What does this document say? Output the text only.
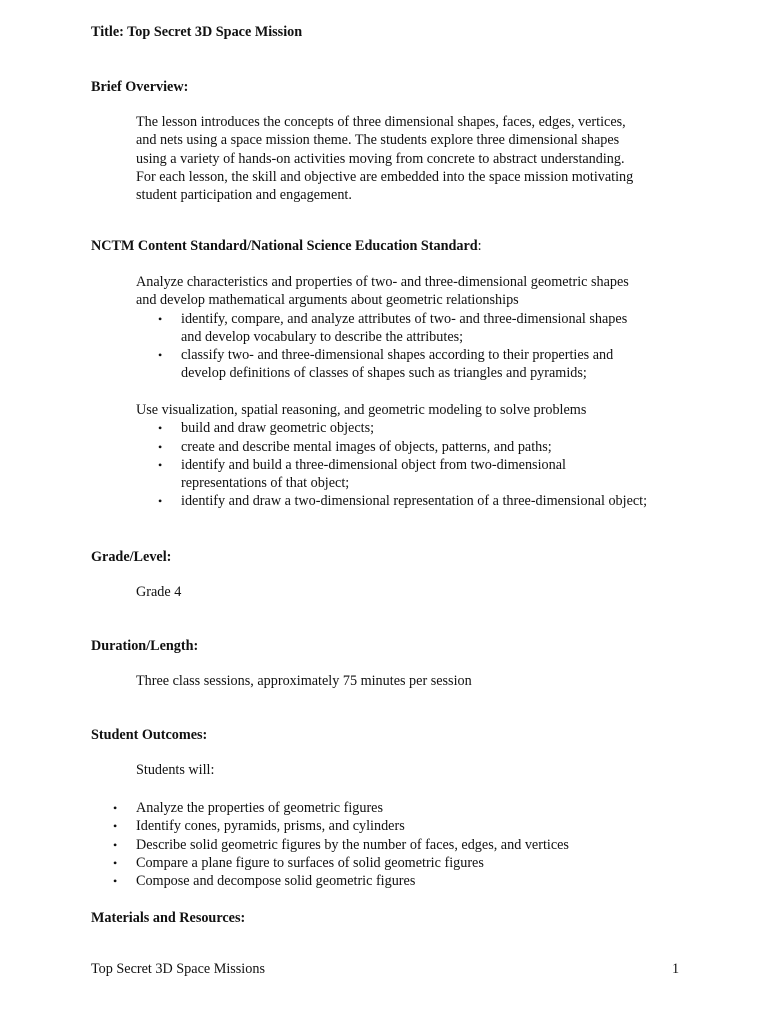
Title: Top Secret 3D Space Mission
Brief Overview:
The lesson introduces the concepts of three dimensional shapes, faces, edges, vertices,
and nets using a space mission theme. The students explore three dimensional shapes
using a variety of hands-on activities moving from concrete to abstract understanding.
For each lesson, the skill and objective are embedded into the space mission motivating
student participation and engagement.
NCTM Content Standard/National Science Education Standard:
Analyze characteristics and properties of two- and three-dimensional geometric shapes
and develop mathematical arguments about geometric relationships
• identify, compare, and analyze attributes of two- and three-dimensional shapes
and develop vocabulary to describe the attributes;
• classify two- and three-dimensional shapes according to their properties and
develop definitions of classes of shapes such as triangles and pyramids;
Use visualization, spatial reasoning, and geometric modeling to solve problems
• build and draw geometric objects;
• create and describe mental images of objects, patterns, and paths;
• identify and build a three-dimensional object from two-dimensional
representations of that object;
• identify and draw a two-dimensional representation of a three-dimensional object;
Grade/Level:
Grade 4
Duration/Length:
Three class sessions, approximately 75 minutes per session
Student Outcomes:
Students will:
• Analyze the properties of geometric figures
• Identify cones, pyramids, prisms, and cylinders
• Describe solid geometric figures by the number of faces, edges, and vertices
• Compare a plane figure to surfaces of solid geometric figures
• Compose and decompose solid geometric figures
Materials and Resources:
Top Secret 3D Space Missions	1
